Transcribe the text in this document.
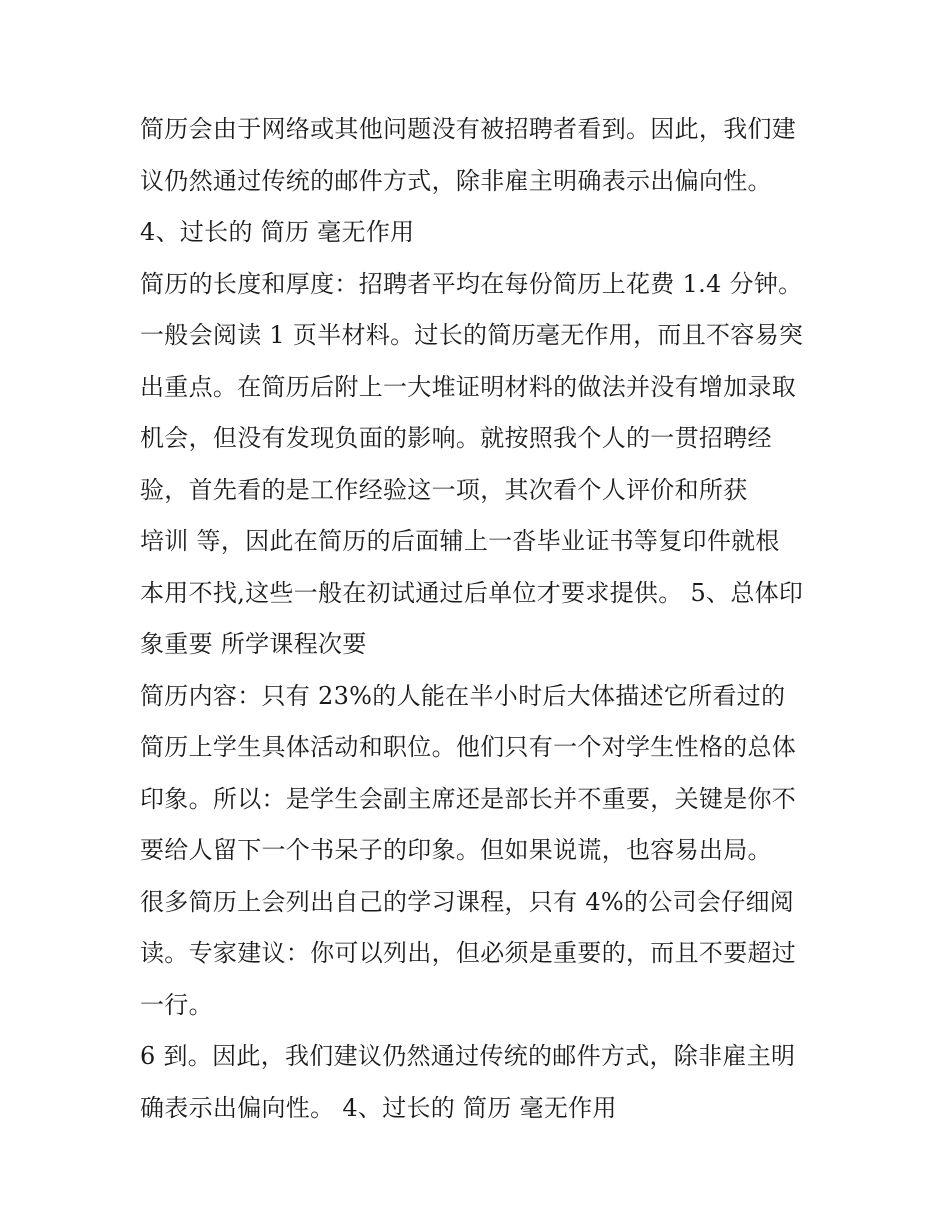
简历会由于网络或其他问题没有被招聘者看到。因此，我们建
议仍然通过传统的邮件方式，除非雇主明确表示出偏向性。
4、过长的 简历 毫无作用
简历的长度和厚度：招聘者平均在每份简历上花费 1.4 分钟。
一般会阅读 1 页半材料。过长的简历毫无作用，而且不容易突
出重点。在简历后附上一大堆证明材料的做法并没有增加录取
机会，但没有发现负面的影响。就按照我个人的一贯招聘经
验，首先看的是工作经验这一项，其次看个人评价和所获
培训 等，因此在简历的后面辅上一沓毕业证书等复印件就根
本用不找,这些一般在初试通过后单位才要求提供。 5、总体印
象重要 所学课程次要
简历内容：只有 23%的人能在半小时后大体描述它所看过的
简历上学生具体活动和职位。他们只有一个对学生性格的总体
印象。所以：是学生会副主席还是部长并不重要，关键是你不
要给人留下一个书呆子的印象。但如果说谎，也容易出局。
很多简历上会列出自己的学习课程，只有 4%的公司会仔细阅
读。专家建议：你可以列出，但必须是重要的，而且不要超过
一行。
6 到。因此，我们建议仍然通过传统的邮件方式，除非雇主明
确表示出偏向性。 4、过长的 简历 毫无作用
